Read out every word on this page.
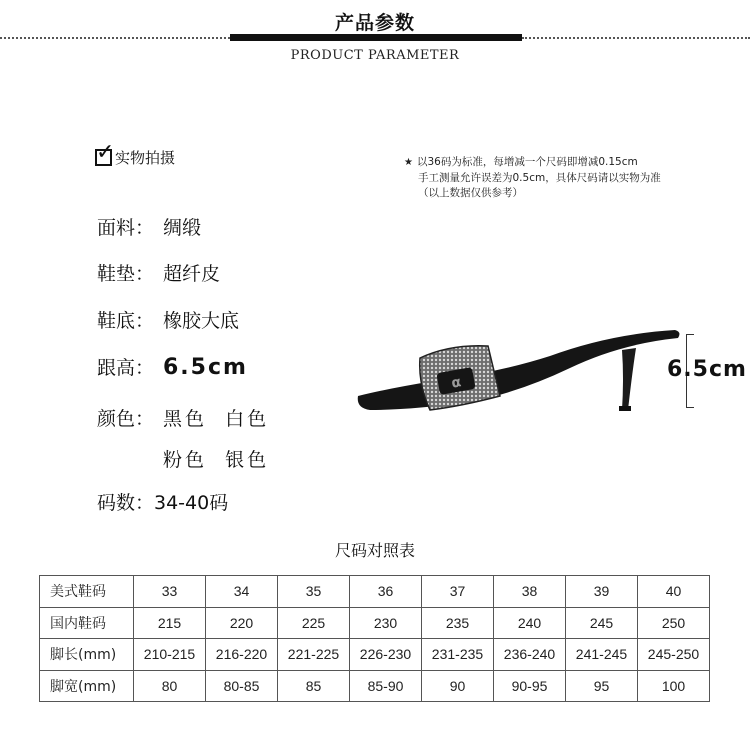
产品参数
PRODUCT PARAMETER
✓ 实物拍摄
面料： 绸缎
鞋垫： 超纤皮
鞋底： 橡胶大底
跟高： 6.5cm
颜色： 黑色  白色
粉色  银色
码数： 34-40码
★ 以36码为标准，每增减一个尺码即增减0.15cm
手工测量允许误差为0.5cm，具体尺码请以实物为准
（以上数据仅供参考）
α
6.5cm
尺码对照表
美式鞋码	33	34	35	36	37	38	39	40
国内鞋码	215	220	225	230	235	240	245	250
脚长(mm)	210-215	216-220	221-225	226-230	231-235	236-240	241-245	245-250
脚宽(mm)	80	80-85	85	85-90	90	90-95	95	100
